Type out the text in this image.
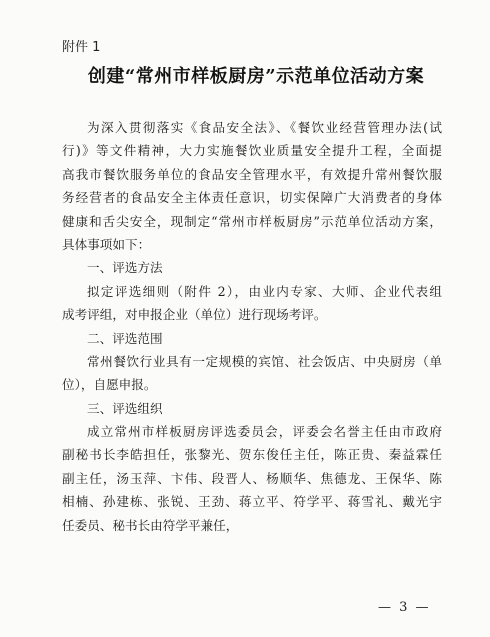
附件 1
创建“常州市样板厨房”示范单位活动方案
为深入贯彻落实《食品安全法》、《餐饮业经营管理办法(试
行)》等文件精神，大力实施餐饮业质量安全提升工程，全面提
高我市餐饮服务单位的食品安全管理水平，有效提升常州餐饮服
务经营者的食品安全主体责任意识，切实保障广大消费者的身体
健康和舌尖安全，现制定“常州市样板厨房”示范单位活动方案，
具体事项如下：
一、评选方法
拟定评选细则（附件 2），由业内专家、大师、企业代表组
成考评组，对申报企业（单位）进行现场考评。
二、评选范围
常州餐饮行业具有一定规模的宾馆、社会饭店、中央厨房（单
位），自愿申报。
三、评选组织
成立常州市样板厨房评选委员会，评委会名誉主任由市政府
副秘书长李皓担任，张黎光、贺东俊任主任，陈正贵、秦益霖任
副主任，汤玉萍、卞伟、段晋人、杨顺华、焦德龙、王保华、陈
相楠、孙建栋、张锐、王劲、蒋立平、符学平、蒋雪礼、戴光宇
任委员、秘书长由符学平兼任，
— 3 —
